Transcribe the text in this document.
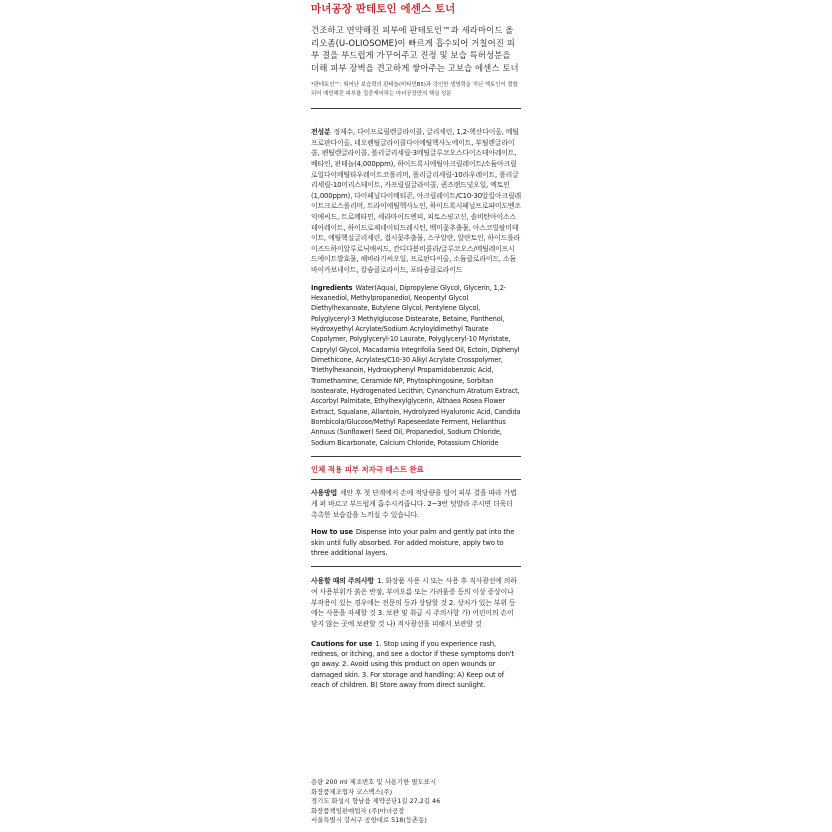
마녀공장 판테토인 에센스 토너
건조하고 연약해진 피부에 판테토인™과 세라마이드 올리오좀(U-OLIOSOME)이 빠르게 흡수되어 거칠어진 피부 결을 부드럽게 가꾸어주고 진정 및 보습 특허성분을 더해 피부 장벽을 견고하게 쌓아주는 고보습 에센스 토너
*판테토인™: 뛰어난 보습력의 판테놀(비타민B5)과 강인한 생명력을 지닌 엑토인이 결합되어 예민해진 피부를 집중케어하는 마녀공장만의 핵심 성분
전성분 정제수, 다이프로필렌글라이콜, 글리세린, 1,2-헥산다이올, 메틸프로판다이올, 네오펜틸글라이콜다이에틸헥사노에이트, 부틸렌글라이콜, 펜틸렌글라이콜, 폴리글리세릴-3메틸글루코오스다이스테아레이트, 베타인, 판테놀(4,000ppm), 하이드록시에틸아크릴레이트/소듐아크릴로일다이메틸타우레이트코폴리머, 폴리글리세릴-10라우레이트, 폴리글리세릴-10미리스테이트, 카프릴릴글라이콜, 퀸즈랜드넛오일, 엑토인(1,000ppm), 다이페닐다이메티콘, 아크릴레이트/C10-30알킬아크릴레이트크로스폴리머, 트라이에틸헥사노인, 하이드록시페닐프로파미도벤조익애씨드, 트로메타민, 세라마이드엔피, 피토스핑고신, 솔비탄아이소스테아레이트, 하이드로제네이티드레시틴, 백미꽃추출물, 아스코빌팔미테이트, 에틸헥실글리세린, 접시꽃추출물, 스쿠알란, 알란토인, 하이드롤라이즈드하이알루로닉애씨드, 칸디다봄비콜라/글루코오스/메틸레이프시드에이트발효물, 해바라기씨오일, 프로판다이올, 소듐클로라이드, 소듐바이카보네이트, 칼슘클로라이드, 포타슘클로라이드
Ingredients Water(Aqua), Dipropylene Glycol, Glycerin, 1,2-Hexanediol, Methylpropanediol, Neopentyl Glycol Diethylhexanoate, Butylene Glycol, Pentylene Glycol, Polyglyceryl-3 Methylglucose Distearate, Betaine, Panthenol, Hydroxyethyl Acrylate/Sodium Acryloyldimethyl Taurate Copolymer, Polyglyceryl-10 Laurate, Polyglyceryl-10 Myristate, Caprylyl Glycol, Macadamia Integrifolia Seed Oil, Ectoin, Diphenyl Dimethicone, Acrylates/C10-30 Alkyl Acrylate Crosspolymer, Triethylhexanoin, Hydroxyphenyl Propamidobenzoic Acid, Tromethamine, Ceramide NP, Phytosphingosine, Sorbitan Isostearate, Hydrogenated Lecithin, Cynanchum Atratum Extract, Ascorbyl Palmitate, Ethylhexylglycerin, Althaea Rosea Flower Extract, Squalane, Allantoin, Hydrolyzed Hyaluronic Acid, Candida Bombicola/Glucose/Methyl Rapeseedate Ferment, Helianthus Annuus (Sunflower) Seed Oil, Propanediol, Sodium Chloride, Sodium Bicarbonate, Calcium Chloride, Potassium Chloride
인체 적용 피부 저자극 테스트 완료
사용방법 세안 후 첫 단계에서 손에 적당량을 덜어 피부 결을 따라 가볍게 펴 바르고 부드럽게 흡수시켜줍니다. 2~3번 덧발라 주시면 더욱더 촉촉한 보습감을 느끼실 수 있습니다.
How to use Dispense into your palm and gently pat into the skin until fully absorbed. For added moisture, apply two to three additional layers.
사용할 때의 주의사항 1. 화장품 사용 시 또는 사용 후 직사광선에 의하여 사용부위가 붉은 반점, 부어오름 또는 가려움증 등의 이상 증상이나 부작용이 있는 경우에는 전문의 등과 상담할 것 2. 상처가 있는 부위 등에는 사용을 자제할 것 3. 보관 및 취급 시 주의사항 가) 어린이의 손이 닿지 않는 곳에 보관할 것 나) 직사광선을 피해서 보관할 것
Cautions for use 1. Stop using if you experience rash, redness, or itching, and see a doctor if these symptoms don't go away. 2. Avoid using this product on open wounds or damaged skin. 3. For storage and handling: A) Keep out of reach of children. B) Store away from direct sunlight.
용량 200 ml 제조번호 및 사용기한 별도표시
화장품제조업자 코스맥스(주)
경기도 화성시 향남읍 제약공단1길 27,2길 46
화장품책임판매업자 (주)마녀공장
서울특별시 강서구 공항대로 518(등촌동)
